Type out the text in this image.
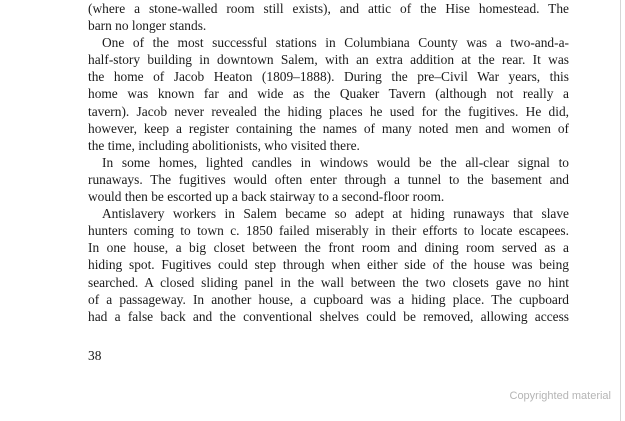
(where a stone-walled room still exists), and attic of the Hise homestead. The
barn no longer stands.
One of the most successful stations in Columbiana County was a two-and-a-
half-story building in downtown Salem, with an extra addition at the rear. It was
the home of Jacob Heaton (1809–1888). During the pre–Civil War years, this
home was known far and wide as the Quaker Tavern (although not really a
tavern). Jacob never revealed the hiding places he used for the fugitives. He did,
however, keep a register containing the names of many noted men and women of
the time, including abolitionists, who visited there.
In some homes, lighted candles in windows would be the all-clear signal to
runaways. The fugitives would often enter through a tunnel to the basement and
would then be escorted up a back stairway to a second-floor room.
Antislavery workers in Salem became so adept at hiding runaways that slave
hunters coming to town c. 1850 failed miserably in their efforts to locate escapees.
In one house, a big closet between the front room and dining room served as a
hiding spot. Fugitives could step through when either side of the house was being
searched. A closed sliding panel in the wall between the two closets gave no hint
of a passageway. In another house, a cupboard was a hiding place. The cupboard
had a false back and the conventional shelves could be removed, allowing access
38
Copyrighted material
